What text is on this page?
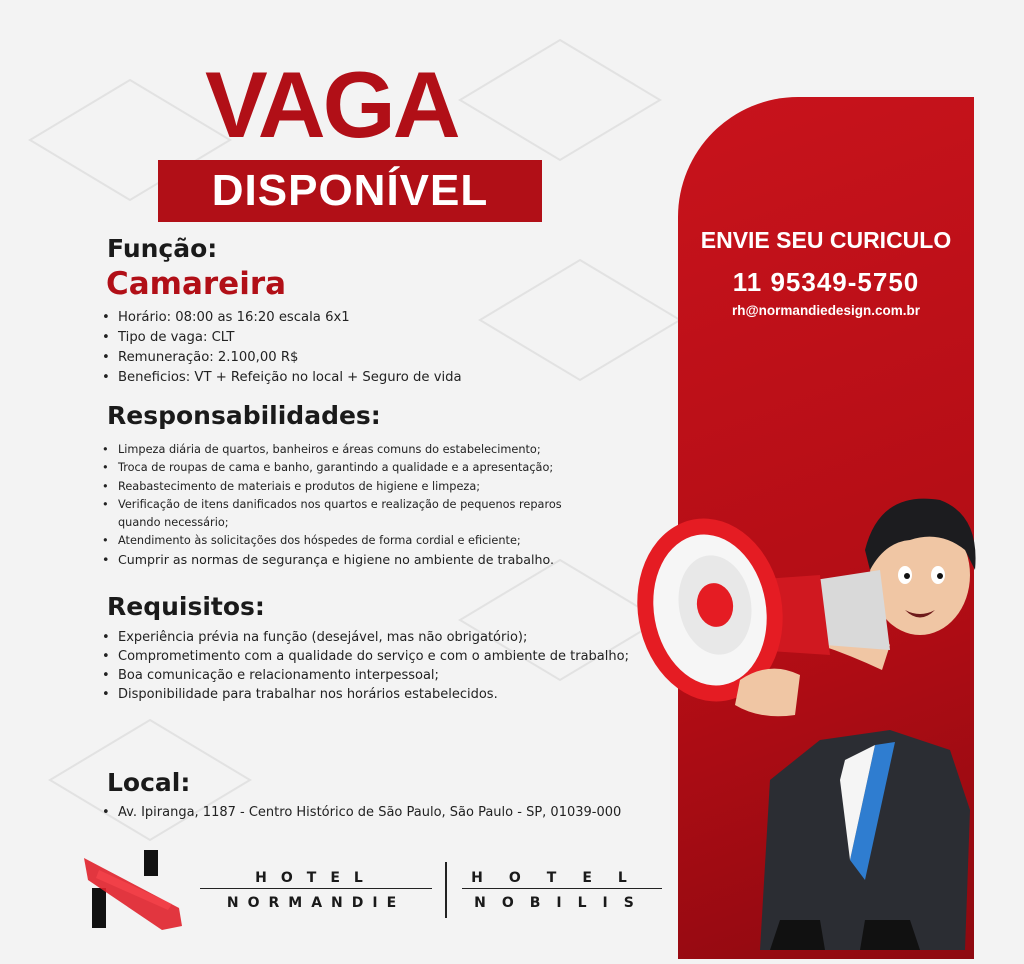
VAGA
DISPONÍVEL
Função:
Camareira
• Horário: 08:00 as 16:20 escala 6x1
• Tipo de vaga: CLT
• Remuneração: 2.100,00 R$
• Beneficios: VT + Refeição no local + Seguro de vida
Responsabilidades:
• Limpeza diária de quartos, banheiros e áreas comuns do estabelecimento;
• Troca de roupas de cama e banho, garantindo a qualidade e a apresentação;
• Reabastecimento de materiais e produtos de higiene e limpeza;
• Verificação de itens danificados nos quartos e realização de pequenos reparos quando necessário;
• Atendimento às solicitações dos hóspedes de forma cordial e eficiente;
• Cumprir as normas de segurança e higiene no ambiente de trabalho.
Requisitos:
• Experiência prévia na função (desejável, mas não obrigatório);
• Comprometimento com a qualidade do serviço e com o ambiente de trabalho;
• Boa comunicação e relacionamento interpessoal;
• Disponibilidade para trabalhar nos horários estabelecidos.
Local:
• Av. Ipiranga, 1187 - Centro Histórico de São Paulo, São Paulo - SP, 01039-000
ENVIE SEU CURICULO
11 95349-5750
rh@normandiedesign.com.br
HOTEL
NORMANDIE
HOTEL
NOBILIS
